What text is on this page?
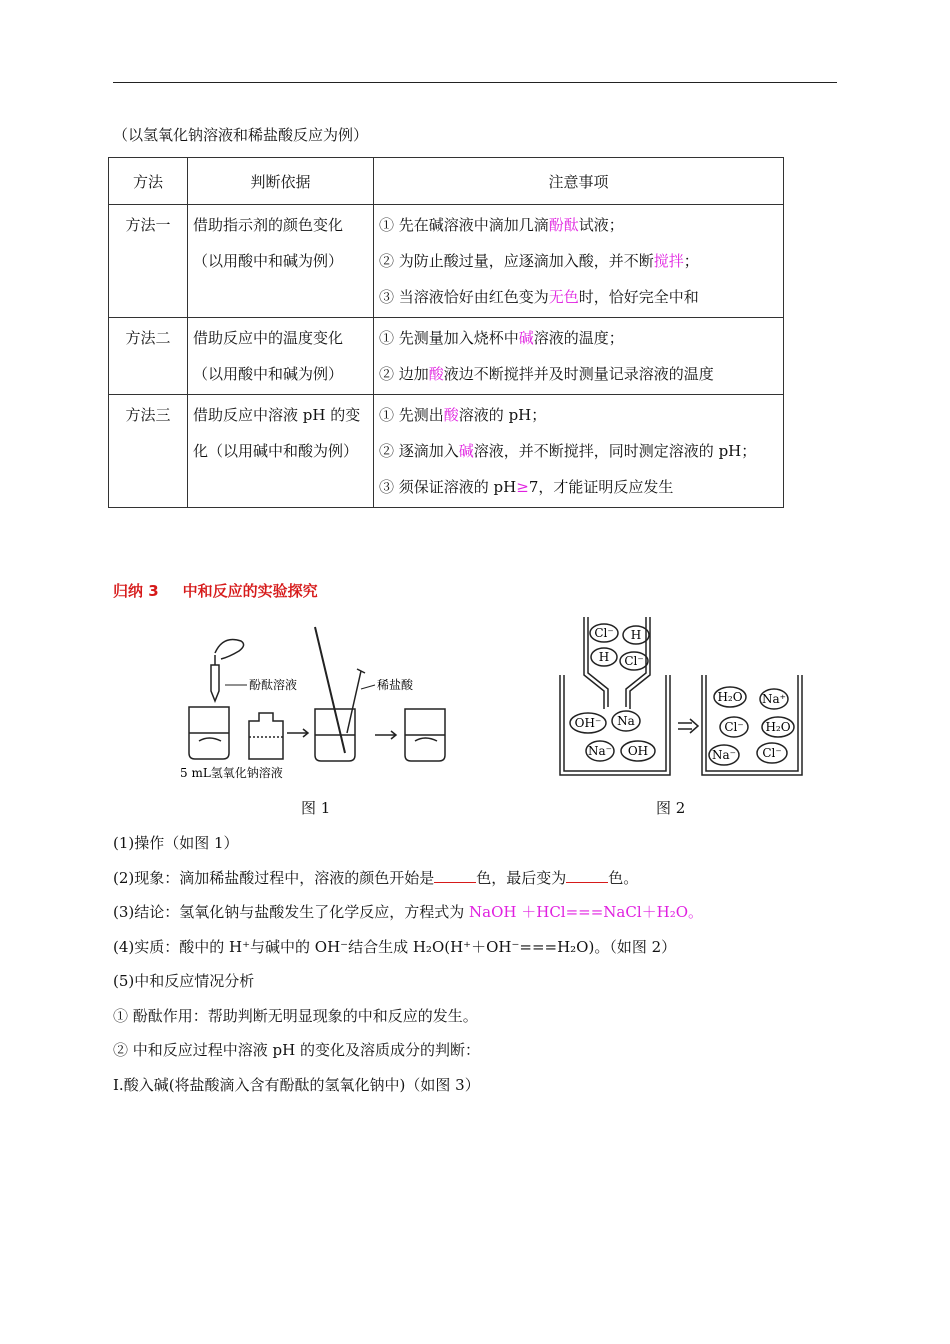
（以氢氧化钠溶液和稀盐酸反应为例）
方法	判断依据	注意事项
方法一	借助指示剂的颜色变化（以用酸中和碱为例）	① 先在碱溶液中滴加几滴酚酞试液；
② 为防止酸过量，应逐滴加入酸，并不断搅拌；
③ 当溶液恰好由红色变为无色时，恰好完全中和

方法二	借助反应中的温度变化（以用酸中和碱为例）	① 先测量加入烧杯中碱溶液的温度；
② 边加酸液边不断搅拌并及时测量记录溶液的温度

方法三	借助反应中溶液 pH 的变化（以用碱中和酸为例）	① 先测出酸溶液的 pH；
② 逐滴加入碱溶液，并不断搅拌，同时测定溶液的 pH；
③ 须保证溶液的 pH≥7，才能证明反应发生
归纳 3 中和反应的实验探究
酚酞溶液	稀盐酸
5 mL氢氧化钠溶液
图 1
Cl⁻ H
H Cl⁻
OH⁻ Na
Na⁻ OH
H₂O Na⁺
Cl⁻ H₂O
Na⁻ Cl⁻
图 2
(1)操作（如图 1）
(2)现象：滴加稀盐酸过程中，溶液的颜色开始是	色，最后变为	色。
(3)结论：氢氧化钠与盐酸发生了化学反应，方程式为 NaOH ＋HCl===NaCl＋H₂O。
(4)实质：酸中的 H⁺与碱中的 OH⁻结合生成 H₂O(H⁺＋OH⁻===H₂O)。（如图 2）
(5)中和反应情况分析
① 酚酞作用：帮助判断无明显现象的中和反应的发生。
② 中和反应过程中溶液 pH 的变化及溶质成分的判断：
I.酸入碱(将盐酸滴入含有酚酞的氢氧化钠中)（如图 3）
